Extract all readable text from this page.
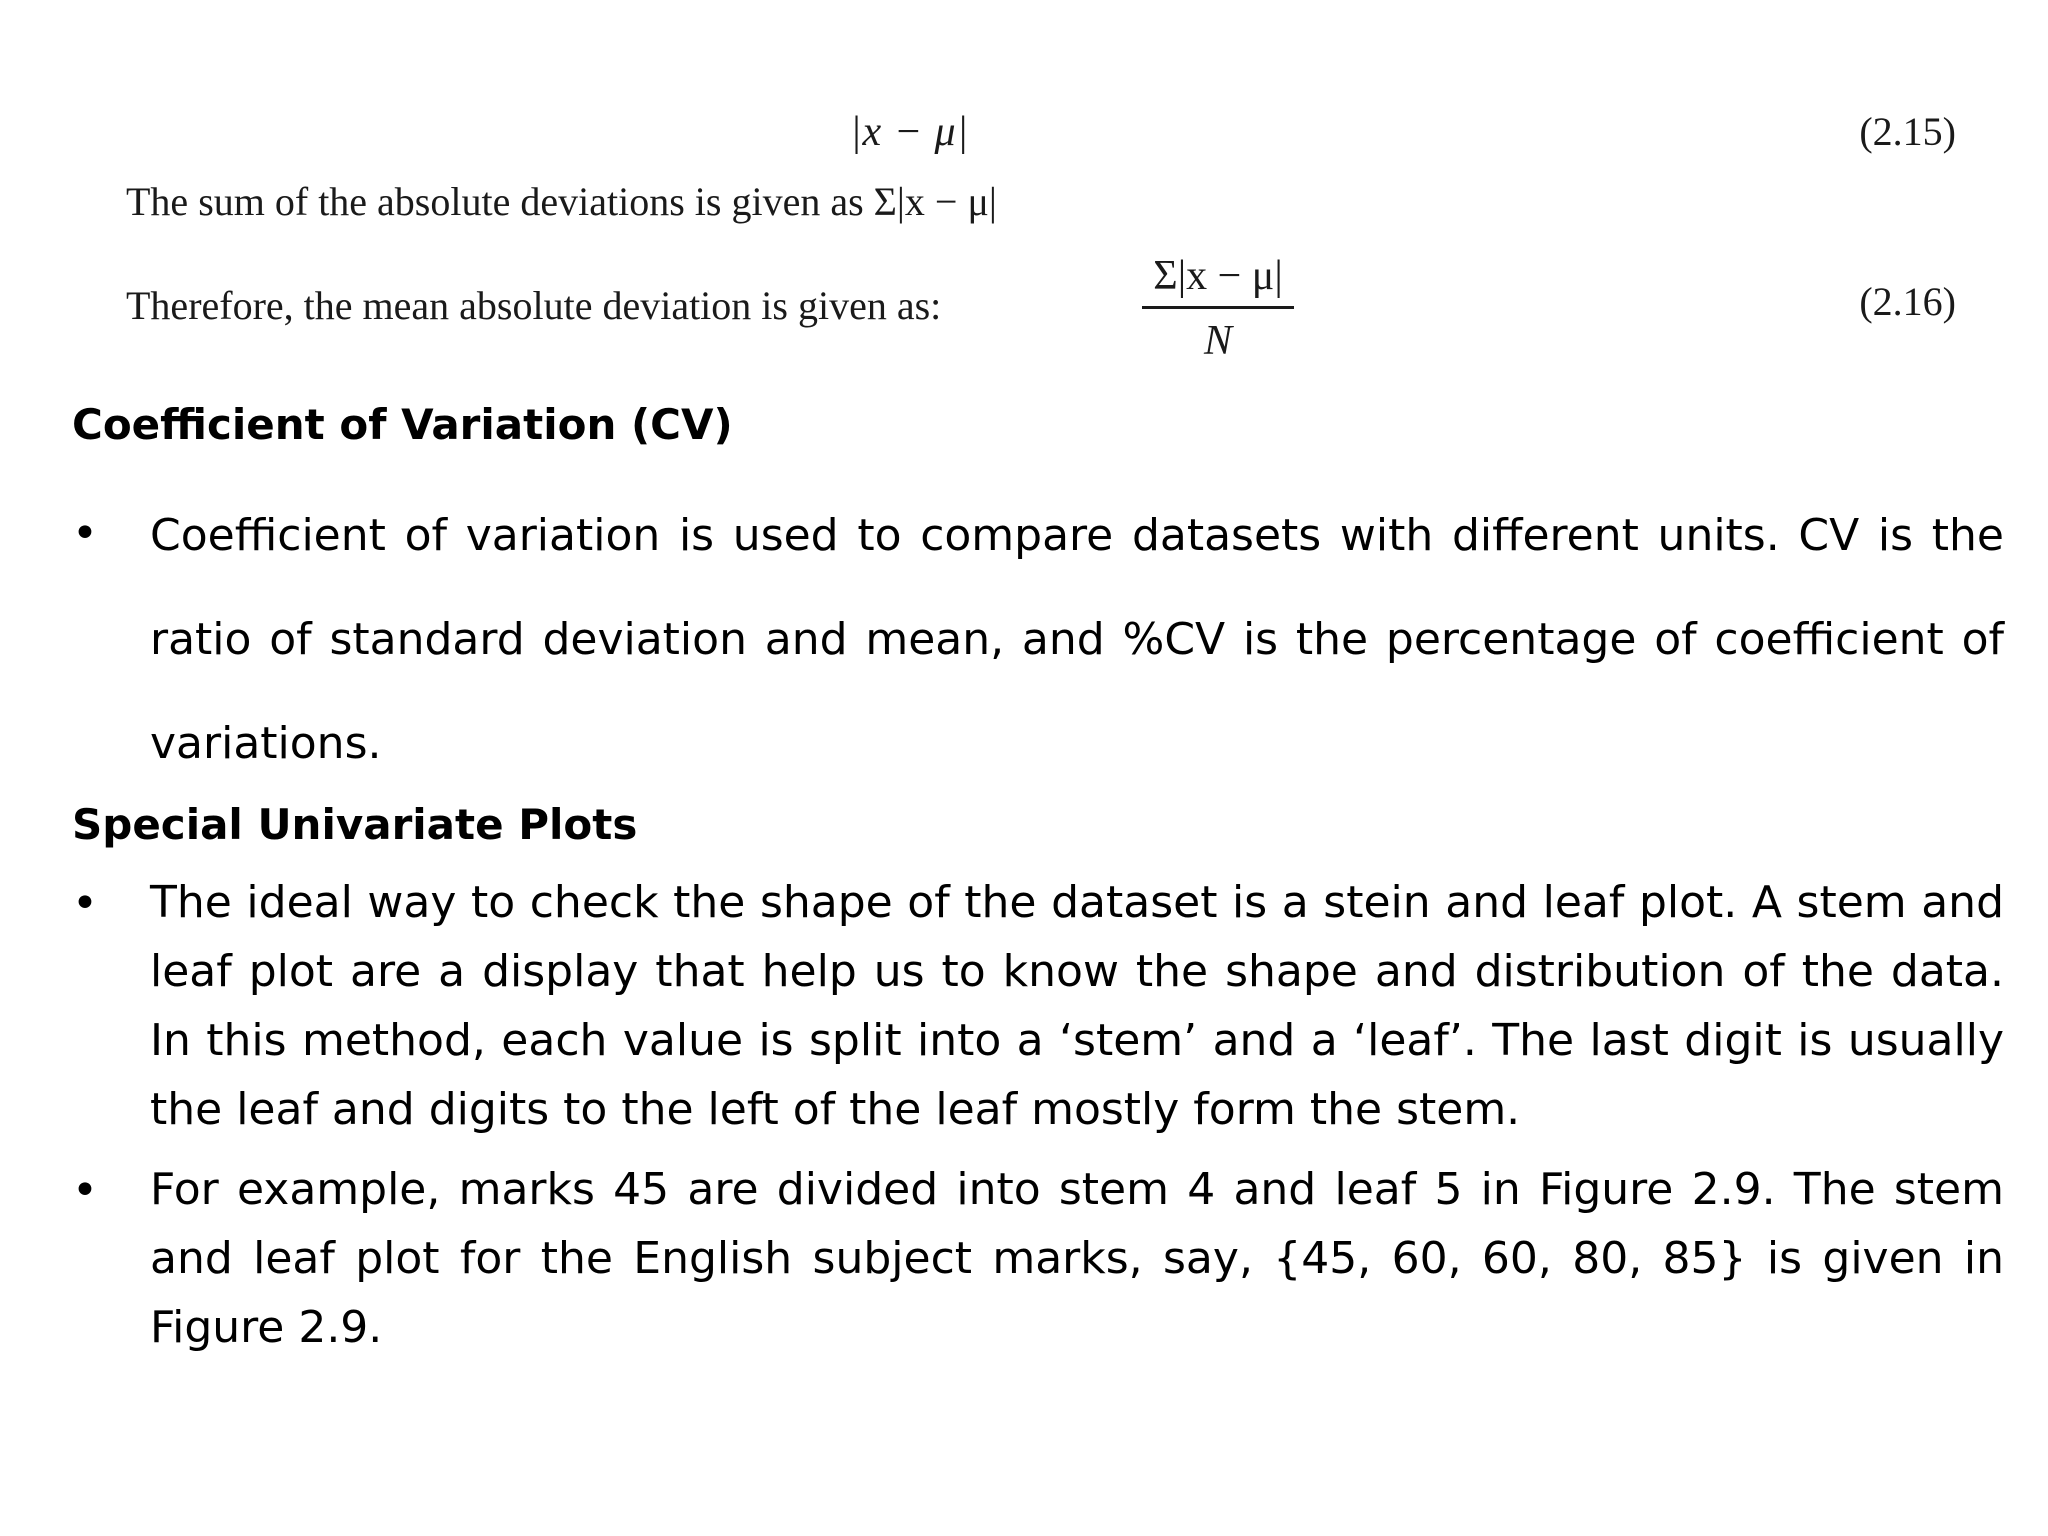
|x − μ|	(2.15)
The sum of the absolute deviations is given as Σ|x − μ|
Therefore, the mean absolute deviation is given as:
Σ|x − μ|
N
(2.16)
Coefficient of Variation (CV)
• Coefficient of variation is used to compare datasets with different units. CV is the ratio of standard deviation and mean, and %CV is the percentage of coefficient of variations.
Special Univariate Plots
• The ideal way to check the shape of the dataset is a stein and leaf plot. A stem and leaf plot are a display that help us to know the shape and distribution of the data. In this method, each value is split into a ‘stem’ and a ‘leaf’. The last digit is usually the leaf and digits to the left of the leaf mostly form the stem.
• For example, marks 45 are divided into stem 4 and leaf 5 in Figure 2.9. The stem and leaf plot for the English subject marks, say, {45, 60, 60, 80, 85} is given in Figure 2.9.
